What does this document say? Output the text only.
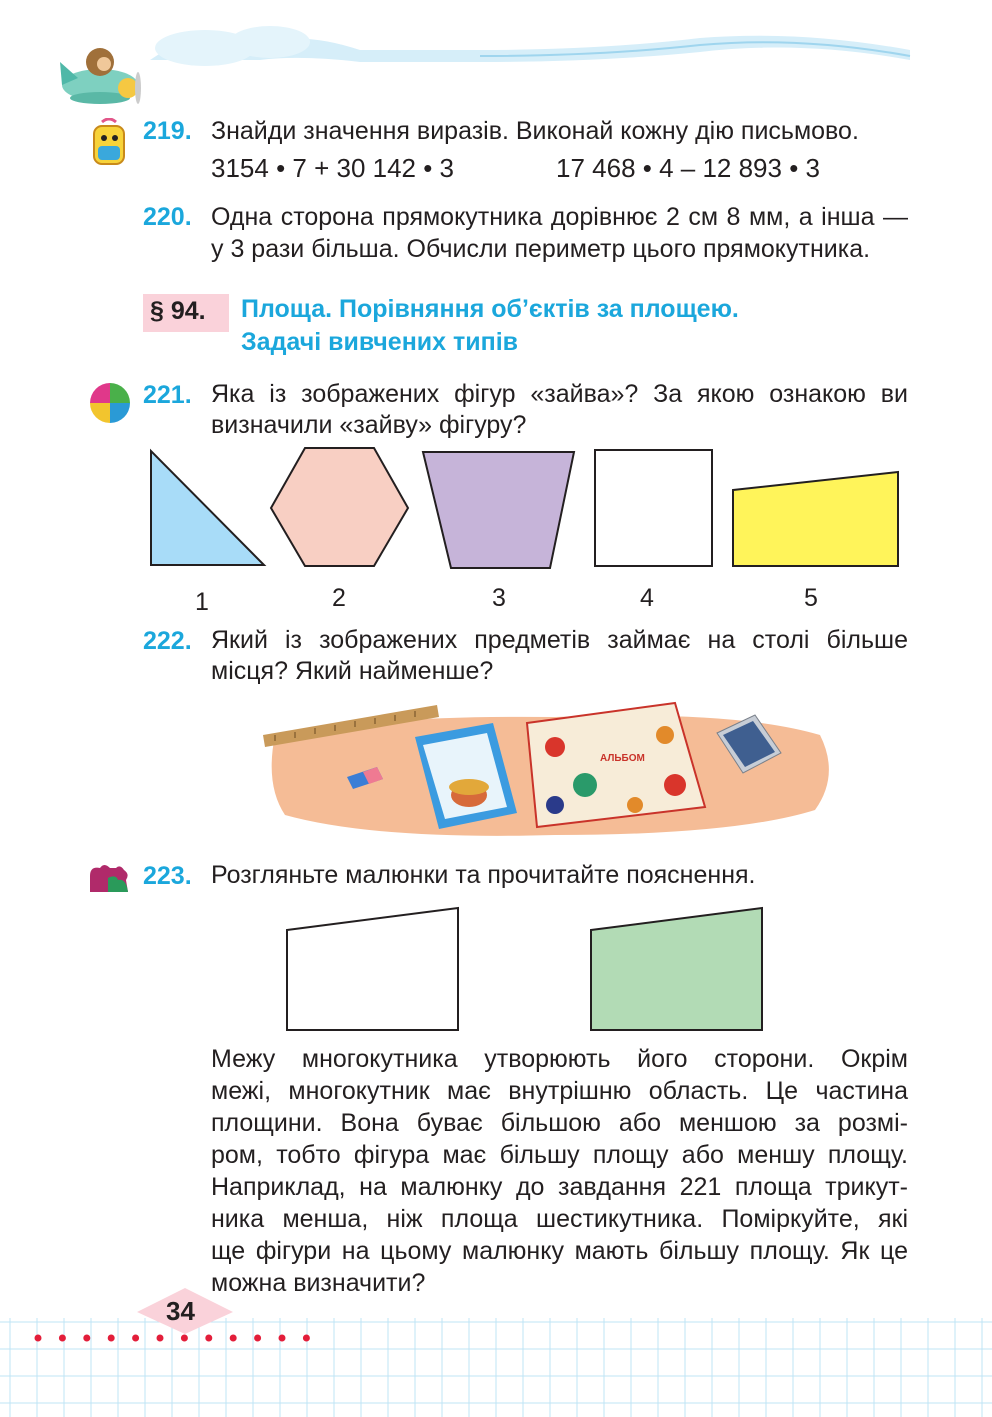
219. Знайди значення виразів. Виконай кожну дію письмово.
3154 • 7 + 30 142 • 3	17 468 • 4 – 12 893 • 3
220. Одна сторона прямокутника дорівнює 2 см 8 мм, а інша —
у 3 рази більша. Обчисли периметр цього прямокутника.
§ 94. Площа. Порівняння об’єктів за площею.
Задачі вивчених типів
221. Яка із зображених фігур «зайва»? За якою ознакою ви
визначили «зайву» фігуру?
1	2	3	4	5
222. Який із зображених предметів займає на столі більше
місця? Який найменше?
АЛЬБОМ
223. Розгляньте малюнки та прочитайте пояснення.
Межу многокутника утворюють його сторони. Окрім
межі, многокутник має внутрішню область. Це частина
площини. Вона буває більшою або меншою за розмі-
ром, тобто фігура має більшу площу або меншу площу.
Наприклад, на малюнку до завдання 221 площа трикут-
ника менша, ніж площа шестикутника. Поміркуйте, які
ще фігури на цьому малюнку мають більшу площу. Як це
можна визначити?
34
